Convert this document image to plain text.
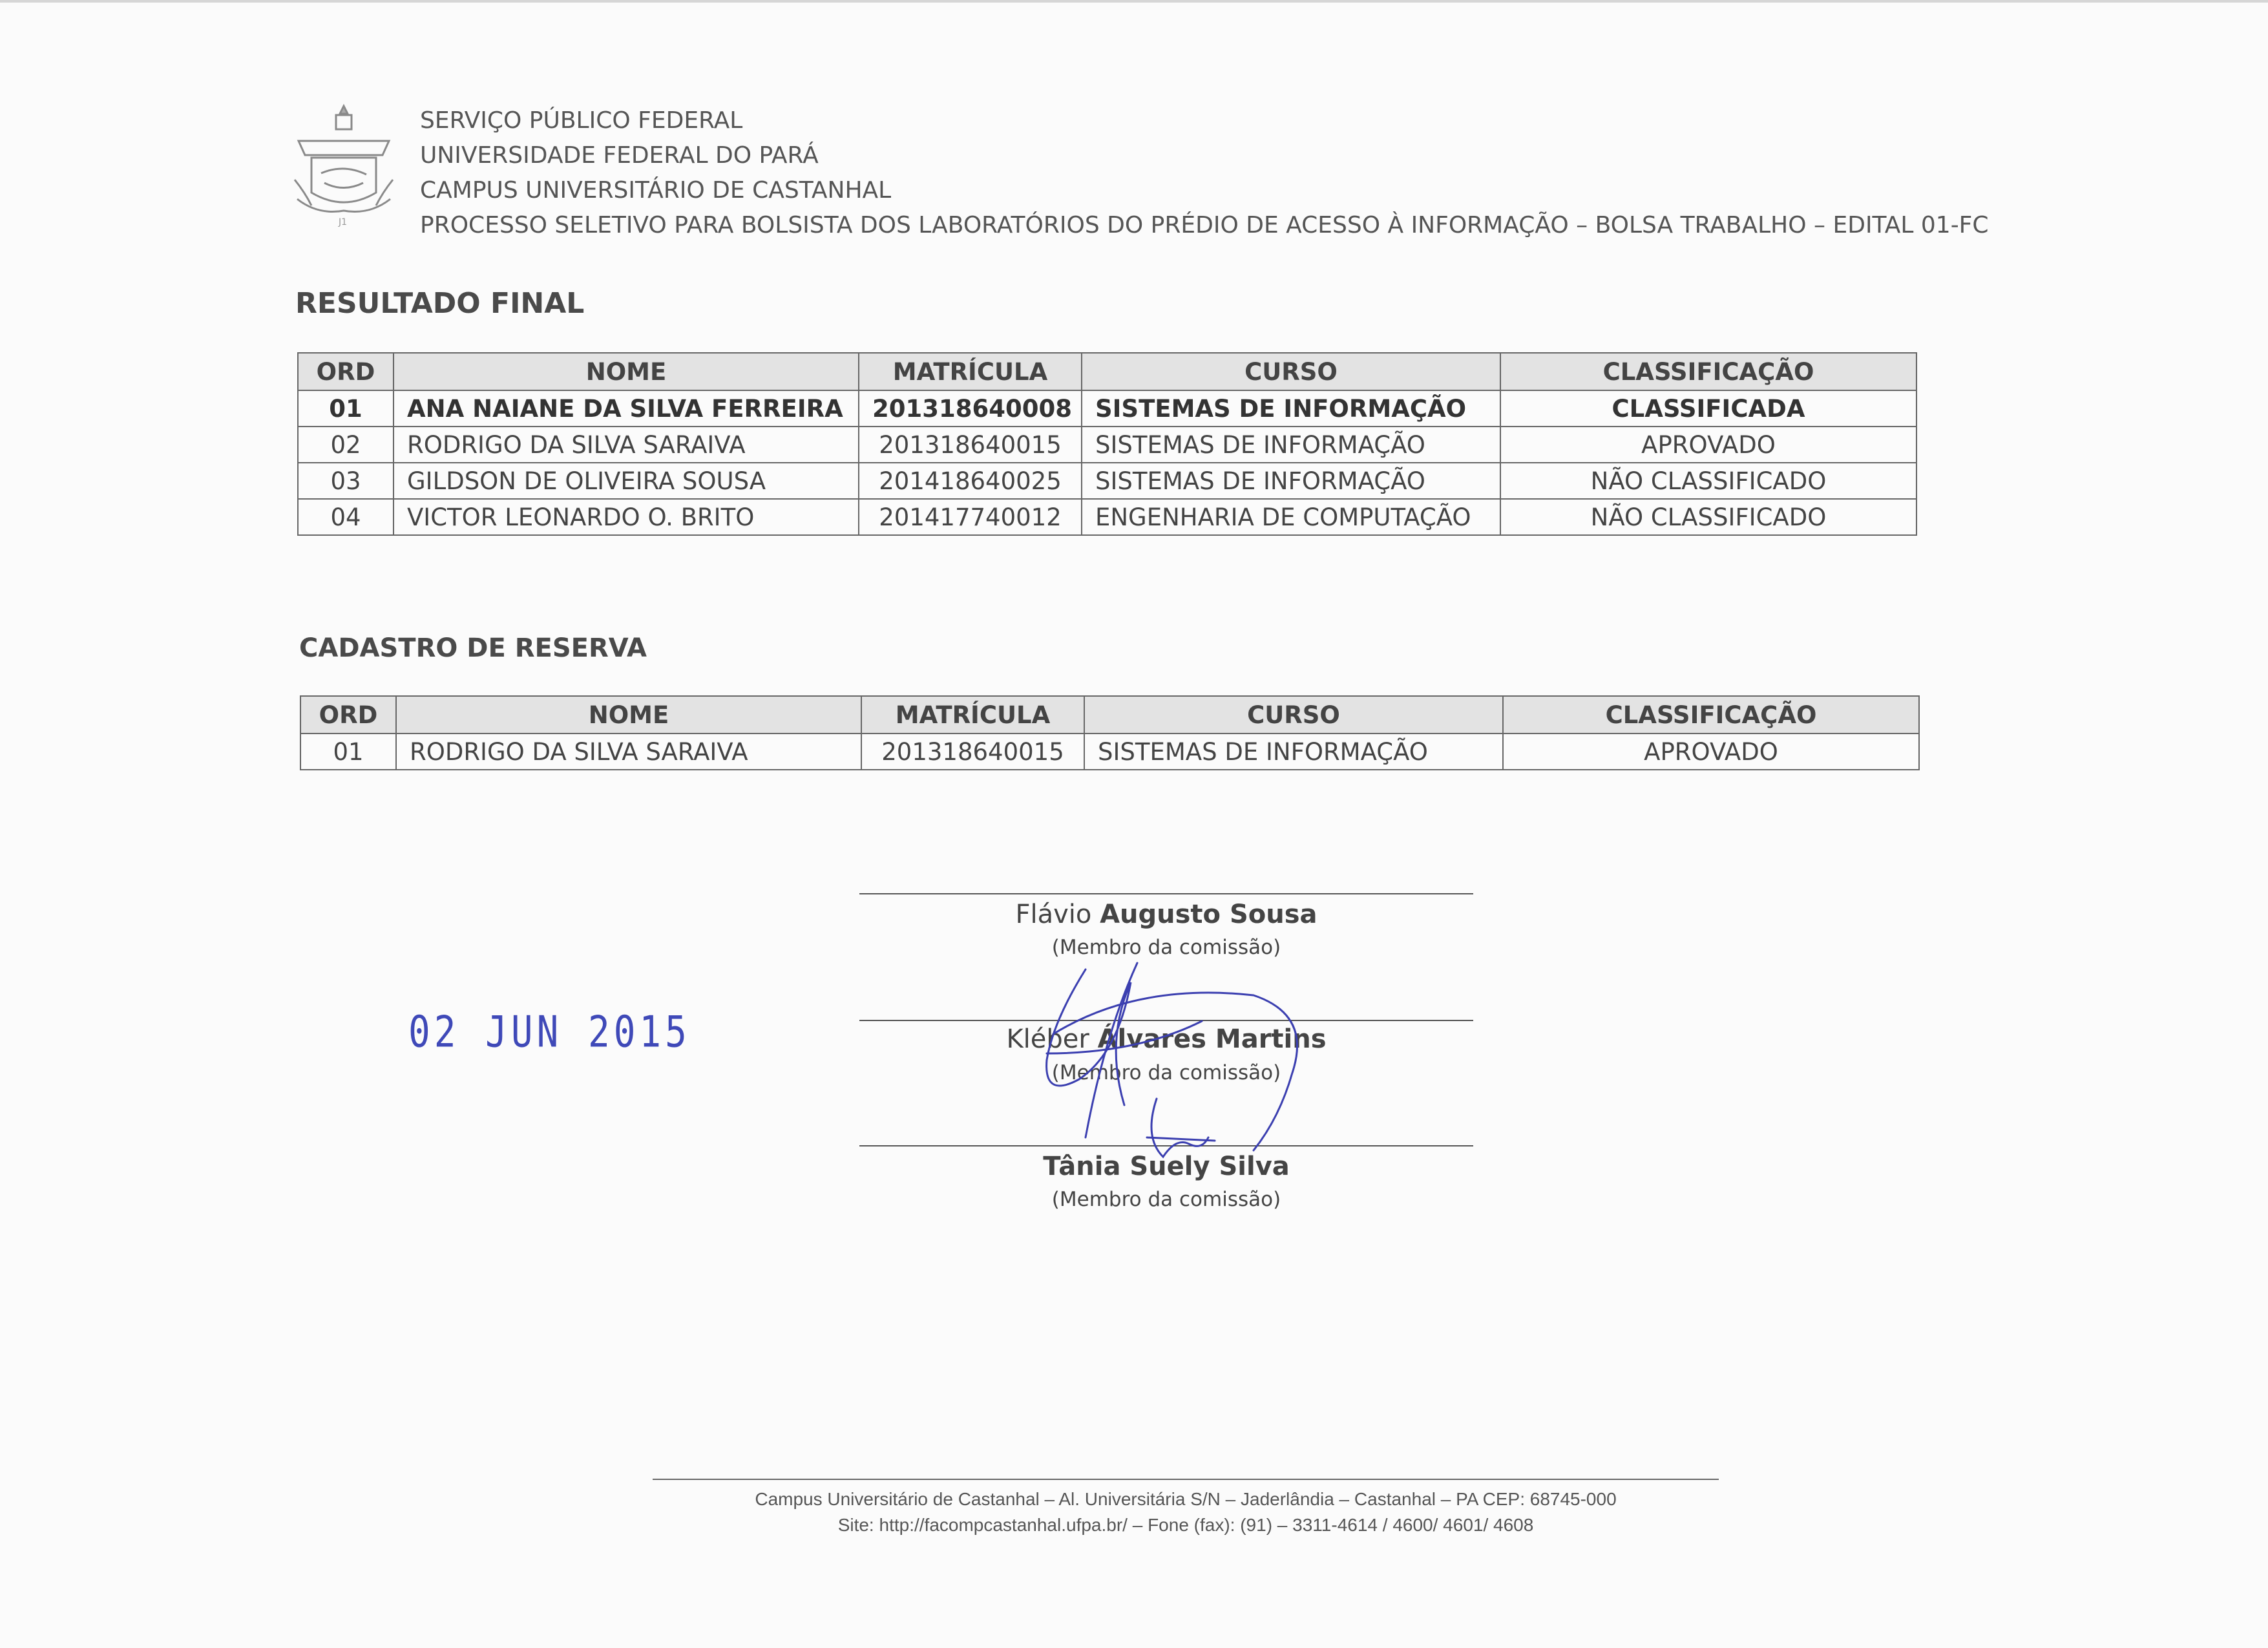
J1
SERVIÇO PÚBLICO FEDERAL
UNIVERSIDADE FEDERAL DO PARÁ
CAMPUS UNIVERSITÁRIO DE CASTANHAL
PROCESSO SELETIVO PARA BOLSISTA DOS LABORATÓRIOS DO PRÉDIO DE ACESSO À INFORMAÇÃO – BOLSA TRABALHO – EDITAL 01-FC
RESULTADO FINAL
ORD	NOME	MATRÍCULA	CURSO	CLASSIFICAÇÃO
01	ANA NAIANE DA SILVA FERREIRA	201318640008	SISTEMAS DE INFORMAÇÃO	CLASSIFICADA
02	RODRIGO DA SILVA SARAIVA	201318640015	SISTEMAS DE INFORMAÇÃO	APROVADO
03	GILDSON DE OLIVEIRA SOUSA	201418640025	SISTEMAS DE INFORMAÇÃO	NÃO CLASSIFICADO
04	VICTOR LEONARDO O. BRITO	201417740012	ENGENHARIA DE COMPUTAÇÃO	NÃO CLASSIFICADO
CADASTRO DE RESERVA
ORD	NOME	MATRÍCULA	CURSO	CLASSIFICAÇÃO
01	RODRIGO DA SILVA SARAIVA	201318640015	SISTEMAS DE INFORMAÇÃO	APROVADO
Flávio Augusto Sousa
(Membro da comissão)
Kléber Álvares Martins
(Membro da comissão)
Tânia Suely Silva
(Membro da comissão)
02 JUN 2015
Campus Universitário de Castanhal – Al. Universitária S/N – Jaderlândia – Castanhal – PA CEP: 68745-000
Site: http://facompcastanhal.ufpa.br/ – Fone (fax): (91) – 3311-4614 / 4600/ 4601/ 4608
